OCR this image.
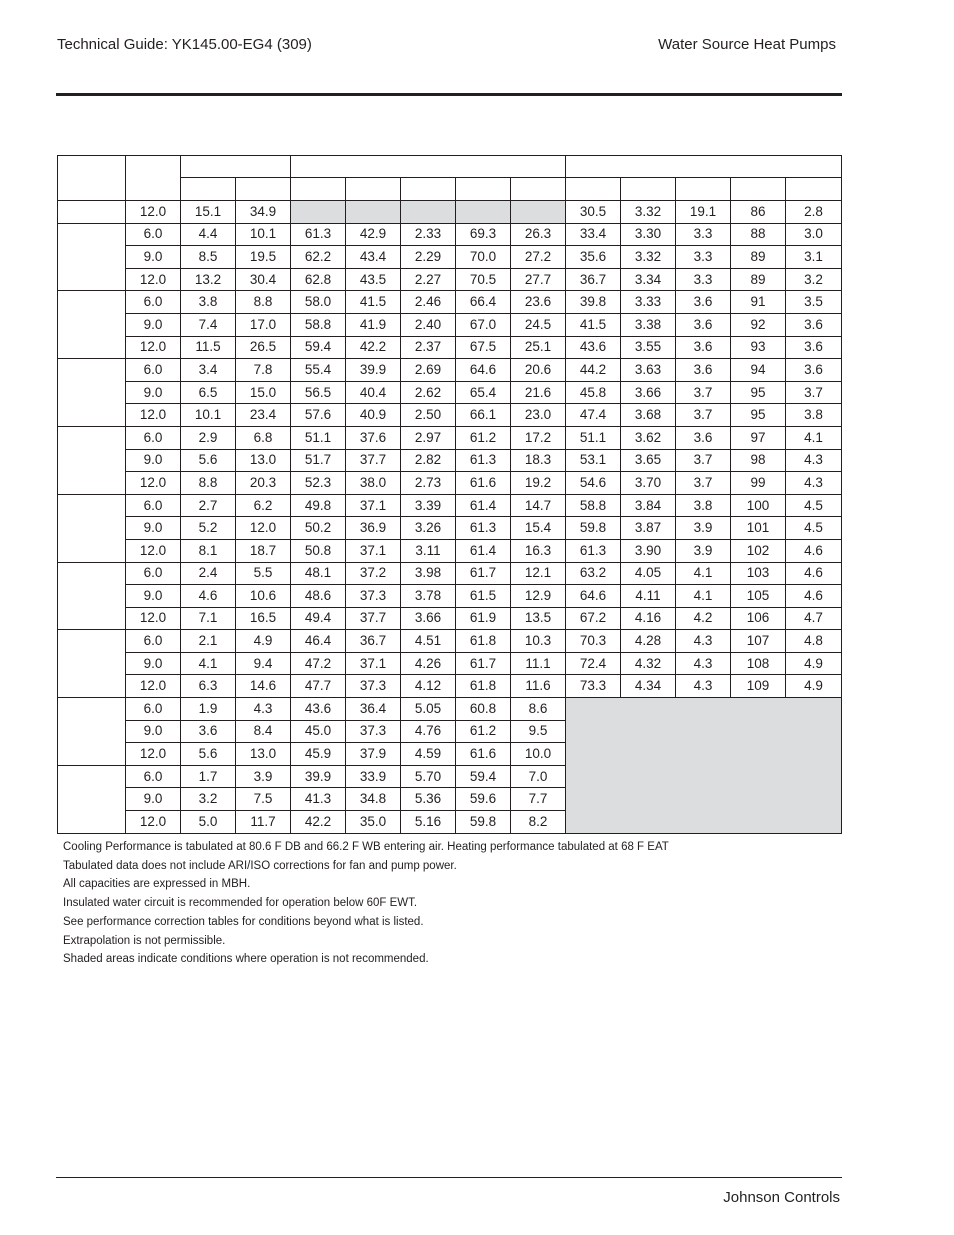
Technical Guide: YK145.00-EG4 (309)	Water Source Heat Pumps

	12.0	15.1	34.9						30.5	3.32	19.1	86	2.8
	6.0	4.4	10.1	61.3	42.9	2.33	69.3	26.3	33.4	3.30	3.3	88	3.0
	9.0	8.5	19.5	62.2	43.4	2.29	70.0	27.2	35.6	3.32	3.3	89	3.1
	12.0	13.2	30.4	62.8	43.5	2.27	70.5	27.7	36.7	3.34	3.3	89	3.2
	6.0	3.8	8.8	58.0	41.5	2.46	66.4	23.6	39.8	3.33	3.6	91	3.5
	9.0	7.4	17.0	58.8	41.9	2.40	67.0	24.5	41.5	3.38	3.6	92	3.6
	12.0	11.5	26.5	59.4	42.2	2.37	67.5	25.1	43.6	3.55	3.6	93	3.6
	6.0	3.4	7.8	55.4	39.9	2.69	64.6	20.6	44.2	3.63	3.6	94	3.6
	9.0	6.5	15.0	56.5	40.4	2.62	65.4	21.6	45.8	3.66	3.7	95	3.7
	12.0	10.1	23.4	57.6	40.9	2.50	66.1	23.0	47.4	3.68	3.7	95	3.8
	6.0	2.9	6.8	51.1	37.6	2.97	61.2	17.2	51.1	3.62	3.6	97	4.1
	9.0	5.6	13.0	51.7	37.7	2.82	61.3	18.3	53.1	3.65	3.7	98	4.3
	12.0	8.8	20.3	52.3	38.0	2.73	61.6	19.2	54.6	3.70	3.7	99	4.3
	6.0	2.7	6.2	49.8	37.1	3.39	61.4	14.7	58.8	3.84	3.8	100	4.5
	9.0	5.2	12.0	50.2	36.9	3.26	61.3	15.4	59.8	3.87	3.9	101	4.5
	12.0	8.1	18.7	50.8	37.1	3.11	61.4	16.3	61.3	3.90	3.9	102	4.6
	6.0	2.4	5.5	48.1	37.2	3.98	61.7	12.1	63.2	4.05	4.1	103	4.6
	9.0	4.6	10.6	48.6	37.3	3.78	61.5	12.9	64.6	4.11	4.1	105	4.6
	12.0	7.1	16.5	49.4	37.7	3.66	61.9	13.5	67.2	4.16	4.2	106	4.7
	6.0	2.1	4.9	46.4	36.7	4.51	61.8	10.3	70.3	4.28	4.3	107	4.8
	9.0	4.1	9.4	47.2	37.1	4.26	61.7	11.1	72.4	4.32	4.3	108	4.9
	12.0	6.3	14.6	47.7	37.3	4.12	61.8	11.6	73.3	4.34	4.3	109	4.9
	6.0	1.9	4.3	43.6	36.4	5.05	60.8	8.6					
	9.0	3.6	8.4	45.0	37.3	4.76	61.2	9.5					
	12.0	5.6	13.0	45.9	37.9	4.59	61.6	10.0					
	6.0	1.7	3.9	39.9	33.9	5.70	59.4	7.0					
	9.0	3.2	7.5	41.3	34.8	5.36	59.6	7.7					
	12.0	5.0	11.7	42.2	35.0	5.16	59.8	8.2					
Cooling Performance is tabulated at 80.6 F DB and 66.2 F WB entering air. Heating performance tabulated at 68 F EAT
Tabulated data does not include ARI/ISO corrections for fan and pump power.
All capacities are expressed in MBH.
Insulated water circuit is recommended for operation below 60F EWT.
See performance correction tables for conditions beyond what is listed.
Extrapolation is not permissible.
Shaded areas indicate conditions where operation is not recommended.
Johnson Controls
